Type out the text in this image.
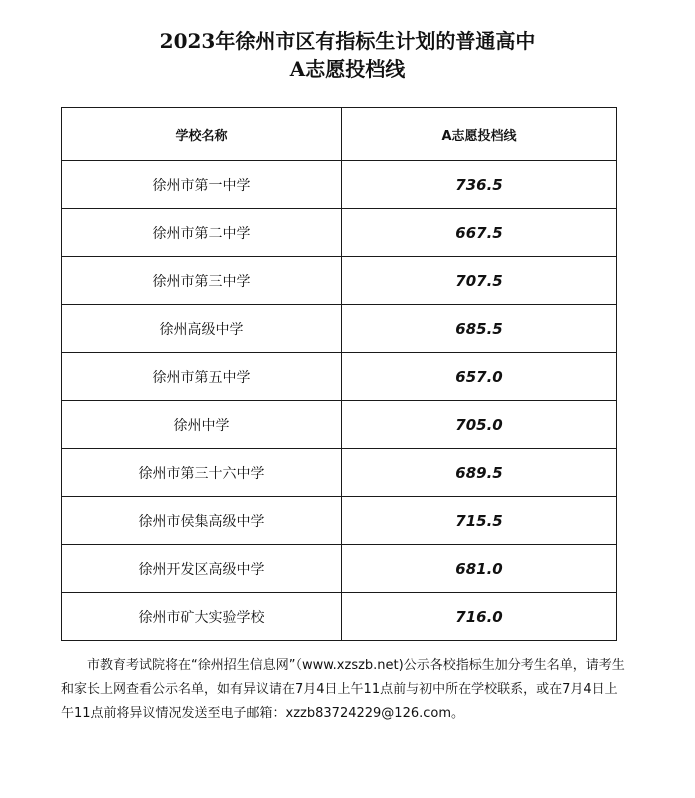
2023年徐州市区有指标生计划的普通高中
A志愿投档线
学校名称	A志愿投档线
徐州市第一中学	736.5
徐州市第二中学	667.5
徐州市第三中学	707.5
徐州高级中学	685.5
徐州市第五中学	657.0
徐州中学	705.0
徐州市第三十六中学	689.5
徐州市侯集高级中学	715.5
徐州开发区高级中学	681.0
徐州市矿大实验学校	716.0
市教育考试院将在“徐州招生信息网”（www.xzszb.net)公示各校指标生加分考生名单，请考生和家长上网查看公示名单，如有异议请在7月4日上午11点前与初中所在学校联系，或在7月4日上午11点前将异议情况发送至电子邮箱：xzzb83724229@126.com。
